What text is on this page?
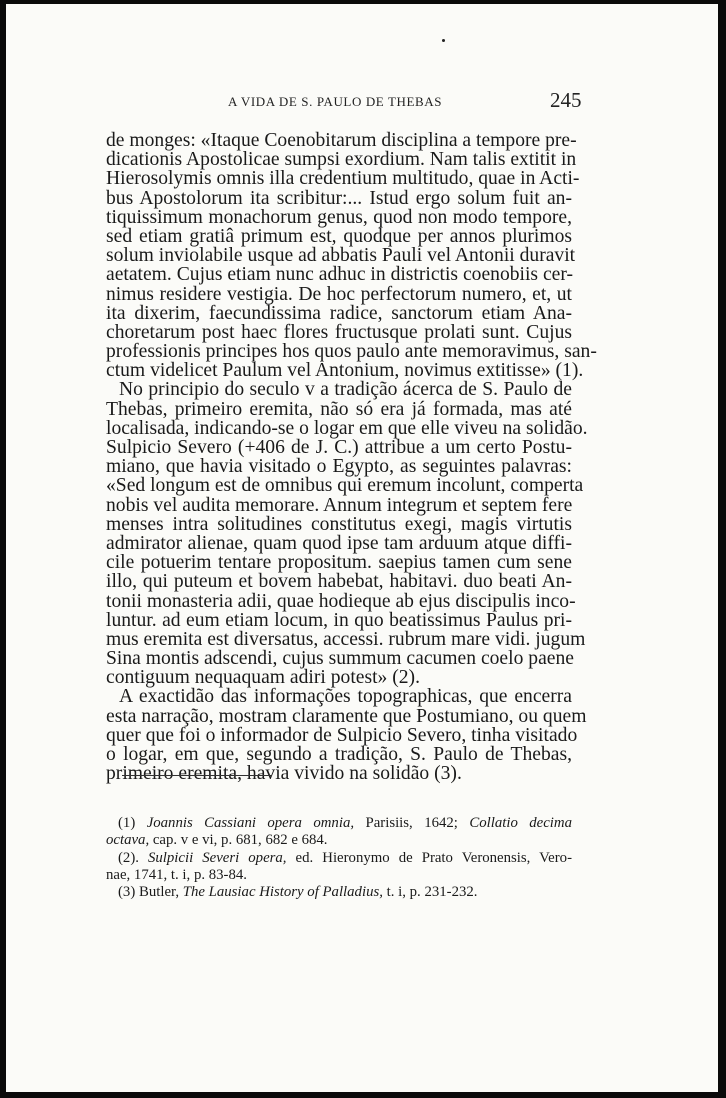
A VIDA DE S. PAULO DE THEBAS	245
de monges: «Itaque Coenobitarum disciplina a tempore pre-
dicationis Apostolicae sumpsi exordium. Nam talis extitit in
Hierosolymis omnis illa credentium multitudo, quae in Acti-
bus Apostolorum ita scribitur:... Istud ergo solum fuit an-
tiquissimum monachorum genus, quod non modo tempore,
sed etiam gratiâ primum est, quodque per annos plurimos
solum inviolabile usque ad abbatis Pauli vel Antonii duravit
aetatem. Cujus etiam nunc adhuc in districtis coenobiis cer-
nimus residere vestigia. De hoc perfectorum numero, et, ut
ita dixerim, faecundissima radice, sanctorum etiam Ana-
choretarum post haec flores fructusque prolati sunt. Cujus
professionis principes hos quos paulo ante memoravimus, san-
ctum videlicet Paulum vel Antonium, novimus extitisse» (1).
No principio do seculo v a tradição ácerca de S. Paulo de
Thebas, primeiro eremita, não só era já formada, mas até
localisada, indicando-se o logar em que elle viveu na solidão.
Sulpicio Severo (+406 de J. C.) attribue a um certo Postu-
miano, que havia visitado o Egypto, as seguintes palavras:
«Sed longum est de omnibus qui eremum incolunt, comperta
nobis vel audita memorare. Annum integrum et septem fere
menses intra solitudines constitutus exegi, magis virtutis
admirator alienae, quam quod ipse tam arduum atque diffi-
cile potuerim tentare propositum. saepius tamen cum sene
illo, qui puteum et bovem habebat, habitavi. duo beati An-
tonii monasteria adii, quae hodieque ab ejus discipulis inco-
luntur. ad eum etiam locum, in quo beatissimus Paulus pri-
mus eremita est diversatus, accessi. rubrum mare vidi. jugum
Sina montis adscendi, cujus summum cacumen coelo paene
contiguum nequaquam adiri potest» (2).
A exactidão das informações topographicas, que encerra
esta narração, mostram claramente que Postumiano, ou quem
quer que foi o informador de Sulpicio Severo, tinha visitado
o logar, em que, segundo a tradição, S. Paulo de Thebas,
primeiro eremita, havia vivido na solidão (3).
(1) Joannis Cassiani opera omnia, Parisiis, 1642; Collatio decima
octava, cap. v e vi, p. 681, 682 e 684.
(2). Sulpicii Severi opera, ed. Hieronymo de Prato Veronensis, Vero-
nae, 1741, t. i, p. 83-84.
(3) Butler, The Lausiac History of Palladius, t. i, p. 231-232.
